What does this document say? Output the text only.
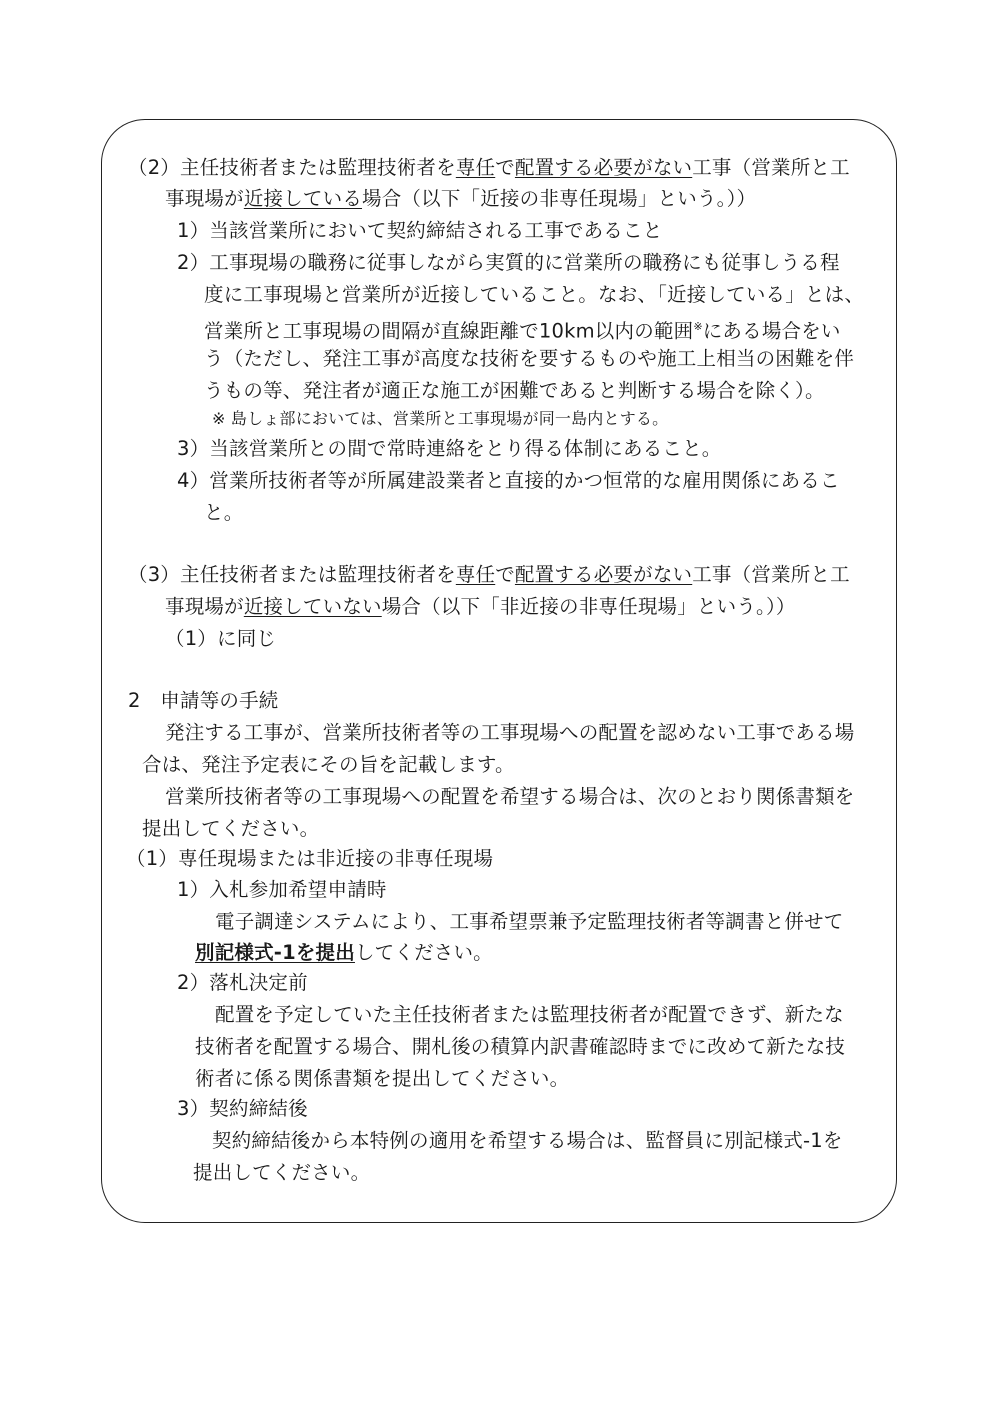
（2）主任技術者または監理技術者を専任で配置する必要がない工事（営業所と工
事現場が近接している場合（以下「近接の非専任現場」という。））
1）当該営業所において契約締結される工事であること
2）工事現場の職務に従事しながら実質的に営業所の職務にも従事しうる程
度に工事現場と営業所が近接していること。なお、「近接している」とは、
営業所と工事現場の間隔が直線距離で10km以内の範囲※にある場合をい
う（ただし、発注工事が高度な技術を要するものや施工上相当の困難を伴
うもの等、発注者が適正な施工が困難であると判断する場合を除く）。
※ 島しょ部においては、営業所と工事現場が同一島内とする。
3）当該営業所との間で常時連絡をとり得る体制にあること。
4）営業所技術者等が所属建設業者と直接的かつ恒常的な雇用関係にあるこ
と。
（3）主任技術者または監理技術者を専任で配置する必要がない工事（営業所と工
事現場が近接していない場合（以下「非近接の非専任現場」という。））
（1）に同じ
2　申請等の手続
発注する工事が、営業所技術者等の工事現場への配置を認めない工事である場
合は、発注予定表にその旨を記載します。
営業所技術者等の工事現場への配置を希望する場合は、次のとおり関係書類を
提出してください。
（1）専任現場または非近接の非専任現場
1）入札参加希望申請時
電子調達システムにより、工事希望票兼予定監理技術者等調書と併せて
別記様式-1を提出してください。
2）落札決定前
配置を予定していた主任技術者または監理技術者が配置できず、新たな
技術者を配置する場合、開札後の積算内訳書確認時までに改めて新たな技
術者に係る関係書類を提出してください。
3）契約締結後
契約締結後から本特例の適用を希望する場合は、監督員に別記様式-1を
提出してください。
